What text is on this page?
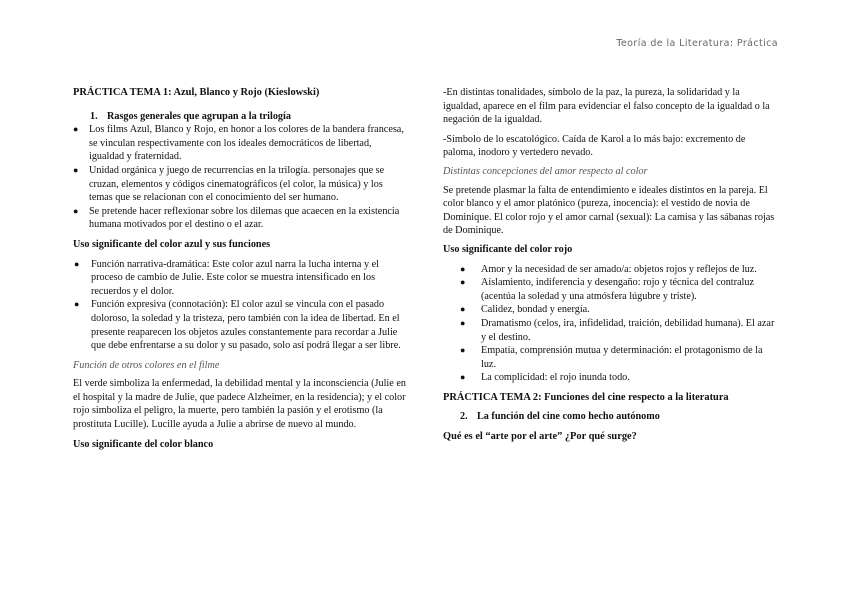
Teoría de la Literatura: Práctica

PRÁCTICA TEMA 1: Azul, Blanco y Rojo (Kieslowski)

1. Rasgos generales que agrupan a la trilogía

● Los films Azul, Blanco y Rojo, en honor a los colores de la bandera francesa, se vinculan respectivamente con los ideales democráticos de libertad, igualdad y fraternidad.
● Unidad orgánica y juego de recurrencias en la trilogía. personajes que se cruzan, elementos y códigos cinematográficos (el color, la música) y los temas que se relacionan con el conocimiento del ser humano.
● Se pretende hacer reflexionar sobre los dilemas que acaecen en la existencia humana motivados por el destino o el azar.

Uso significante del color azul y sus funciones

● Función narrativa-dramática: Este color azul narra la lucha interna y el proceso de cambio de Julie. Este color se muestra intensificado en los recuerdos y el dolor.
● Función expresiva (connotación): El color azul se vincula con el pasado doloroso, la soledad y la tristeza, pero también con la idea de libertad. En el presente reaparecen los objetos azules constantemente para recordar a Julie que debe enfrentarse a su dolor y su pasado, solo así podrá llegar a ser libre.

Función de otros colores en el filme

El verde simboliza la enfermedad, la debilidad mental y la inconsciencia (Julie en el hospital y la madre de Julie, que padece Alzheimer, en la residencia); y el color rojo simboliza el peligro, la muerte, pero también la pasión y el erotismo (la prostituta Lucille). Lucille ayuda a Julie a abrirse de nuevo al mundo.

Uso significante del color blanco

-En distintas tonalidades, símbolo de la paz, la pureza, la solidaridad y la igualdad, aparece en el film para evidenciar el falso concepto de la igualdad o la negación de la igualdad.

-Símbolo de lo escatológico. Caída de Karol a lo más bajo: excremento de paloma, inodoro y vertedero nevado.

Distintas concepciones del amor respecto al color

Se pretende plasmar la falta de entendimiento e ideales distintos en la pareja. El color blanco y el amor platónico (pureza, inocencia): el vestido de novia de Dominique. El color rojo y el amor carnal (sexual): La camisa y las sábanas rojas de Dominique.

Uso significante del color rojo

● Amor y la necesidad de ser amado/a: objetos rojos y reflejos de luz.
● Aislamiento, indiferencia y desengaño: rojo y técnica del contraluz (acentúa la soledad y una atmósfera lúgubre y triste).
● Calidez, bondad y energía.
● Dramatismo (celos, ira, infidelidad, traición, debilidad humana). El azar y el destino.
● Empatía, comprensión mutua y determinación: el protagonismo de la luz.
● La complicidad: el rojo inunda todo.

PRÁCTICA TEMA 2: Funciones del cine respecto a la literatura

2. La función del cine como hecho autónomo

Qué es el “arte por el arte” ¿Por qué surge?
